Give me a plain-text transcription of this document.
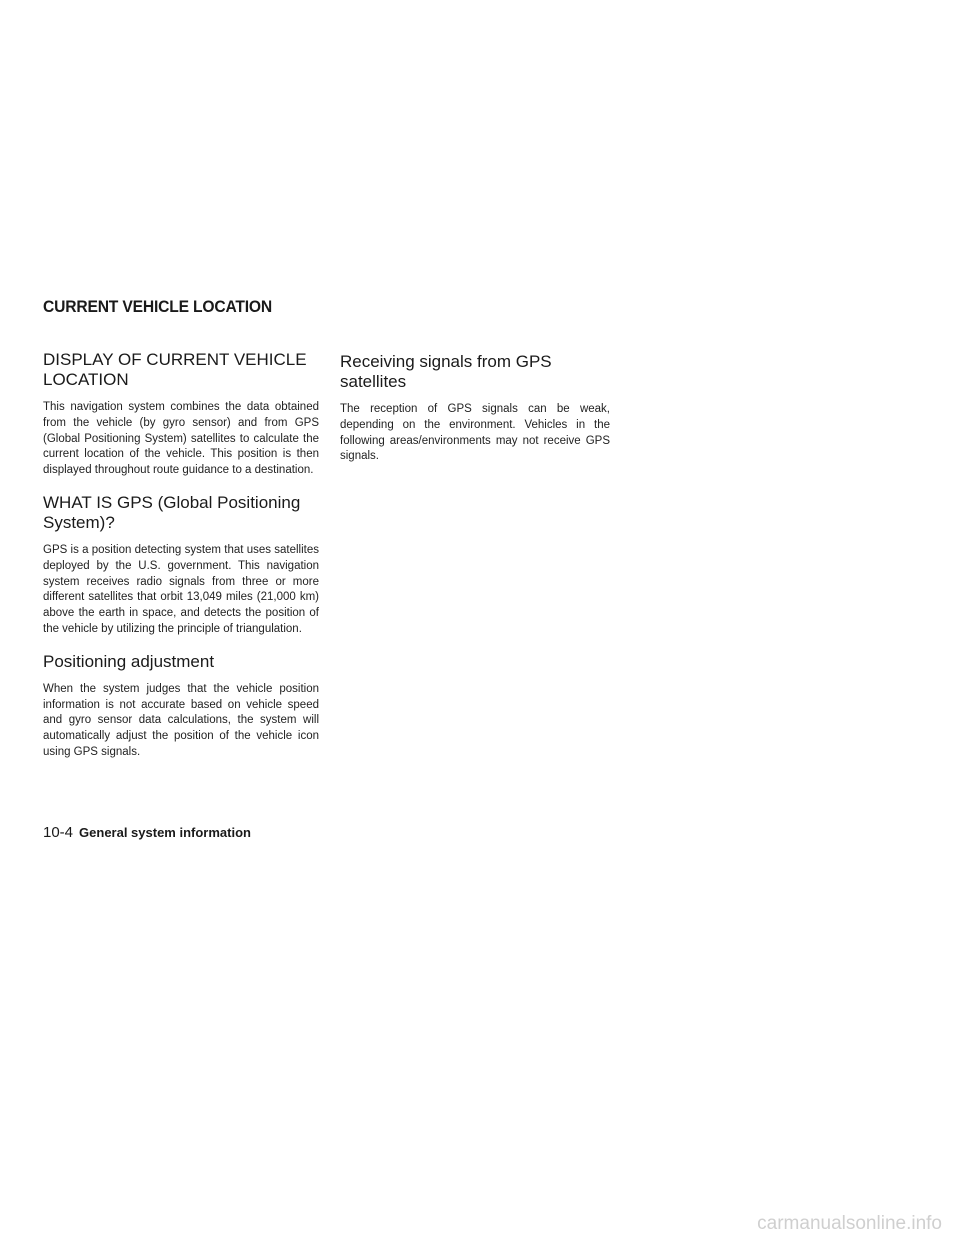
CURRENT VEHICLE LOCATION
DISPLAY OF CURRENT VEHICLE LOCATION

This navigation system combines the data obtained from the vehicle (by gyro sensor) and from GPS (Global Positioning System) satellites to calculate the current location of the vehicle. This position is then displayed throughout route guidance to a destination.

WHAT IS GPS (Global Positioning System)?

GPS is a position detecting system that uses satellites deployed by the U.S. government. This navigation system receives radio signals from three or more different satellites that orbit 13,049 miles (21,000 km) above the earth in space, and detects the position of the vehicle by utilizing the principle of triangulation.

Positioning adjustment

When the system judges that the vehicle position information is not accurate based on vehicle speed and gyro sensor data calculations, the system will automatically adjust the position of the vehicle icon using GPS signals.

Receiving signals from GPS satellites

The reception of GPS signals can be weak, depending on the environment. Vehicles in the following areas/environments may not receive GPS signals.

10-4 General system information
carmanualsonline.info
